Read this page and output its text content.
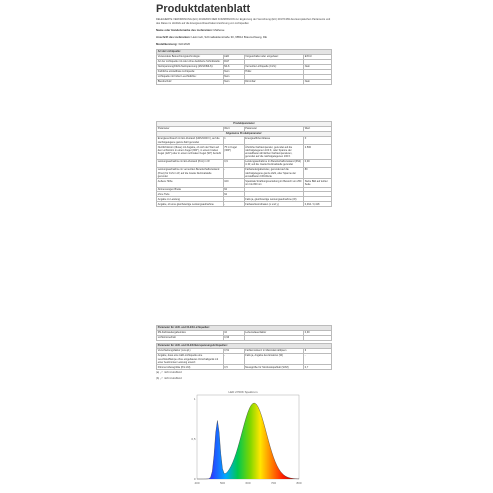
Produktdatenblatt
DELEGIERTE VERORDNUNG (EU) 2019/2015 DER KOMMISSION zur Ergänzung der Verordnung (EU) 2017/1369 des Europäischen Parlaments und des Rates im Hinblick auf die Energieverbrauchskennzeichnung von Lichtquellen
Name oder Handelsmarke des Lieferanten: Malferae
Anschrift des Lieferanten: Heimrodt, Schmalkaldenstraße 30, 98512 Braunschweig, DE
Modellkennung: 3HC2020
Art der Lichtquelle:			
Verwendete Beleuchtungstechnologie:	LED	Vorgeschaltet oder eingebaut:	EXCU
Art der Lichtquelle mit oder ohne dedizierte Schnittstelle:	DLP		
Netzspannung/Nicht-Netzspannung (MLS/NMLS):	MLS	Vernetzte Lichtquelle (CLS):	Nein
Farbliche einstellbare Lichtquelle:	Nein	Hülle:	
Lichtquelle mit hoher Leuchtdichte:	Nein		
Blendschutz:	Nein	Dimmbar:	Nein
Produktparameter			
Parameter	Wert	Parameter	Wert
Allgemeine Produktparameter:			
Energieverbrauch im Ein-Zustand (kWh/1000 h), auf die nächstgelegene ganze Zahl gerundet	1	Energieeffizienzklasse	F
Nutzlichtstrom (Φuse) mit Angabe, ob sich der Wert auf den Lichtstrom in einem Kegel (360°), in einem breiten Kegel (120°) oder in einem schmalen Kegel (90°) bezieht	75 in Kugel (360°)	Ähnliche Farbtemperatur, gerundet auf die nächstgelegenen 100 K, oder Spanne der einstellbaren ähnlichen Farbtemperaturen, gerundet auf die nächstgelegenen 100 K	2.500
Leistungsaufnahme im Ein-Zustand (Pon) in W	0,9	Leistungsaufnahme im Bereitschaftszustand (Psb) in W, auf die zweite Dezimalstelle gerundet	0,00
Leistungsaufnahme im vernetzten Bereitschaftszustand (Pnet) für CLS in W, auf die zweite Dezimalstelle gerundet	-	Farbwiedergabeindex, gerundet auf die nächstgelegene ganze Zahl, oder Spanne der einstellbaren CRI-Werte	80
Außere Höhe	100	Spektrale Strahlungsverteilung im Bereich von 250 nm bis 800 nm	Siehe Bild auf letzter Seite
Abmessungen Breite	62		
ohne Tiefe	62		
Angabe zu Leistung	-	Falls ja, gleichwertige Leistungsaufnahme (W)	
Angabe, ob eine gleichwertige Leistungsaufnahme	-	Farbwertkoordinaten (x und y)	0,464 / 0,418
Parameter für LED- und OLED-Lichtquellen:			
R9-Farbwiedergabeindex	10	Lebensdauerfaktor	0,90
Lichtstromerhalt	0,96		
Parameter für LED- und OLED-Netzspannungslichtquellen:			
Verschiebungsfaktor (cos φ1)	0,51	Farbkonsistenz in MacAdam-Ellipsen	6
Angabe, dass eine LED-Lichtquelle eine Leuchtstofflampe ohne eingebautes Vorschaltgerät mit einer bestimmten Leistung ersetzt	-	Falls ja, Angabe des Ersatzes (W)	-
Flimmer-Messgröße (Pst LM)	0,5	Messgröße für Stroboskopeffekt (SVM)	0,7
(a) „-": nicht zutreffend
(b) „-": nicht zutreffend
LED 2700K Spektrum
400	500	600	700	800
0
0,5
1
